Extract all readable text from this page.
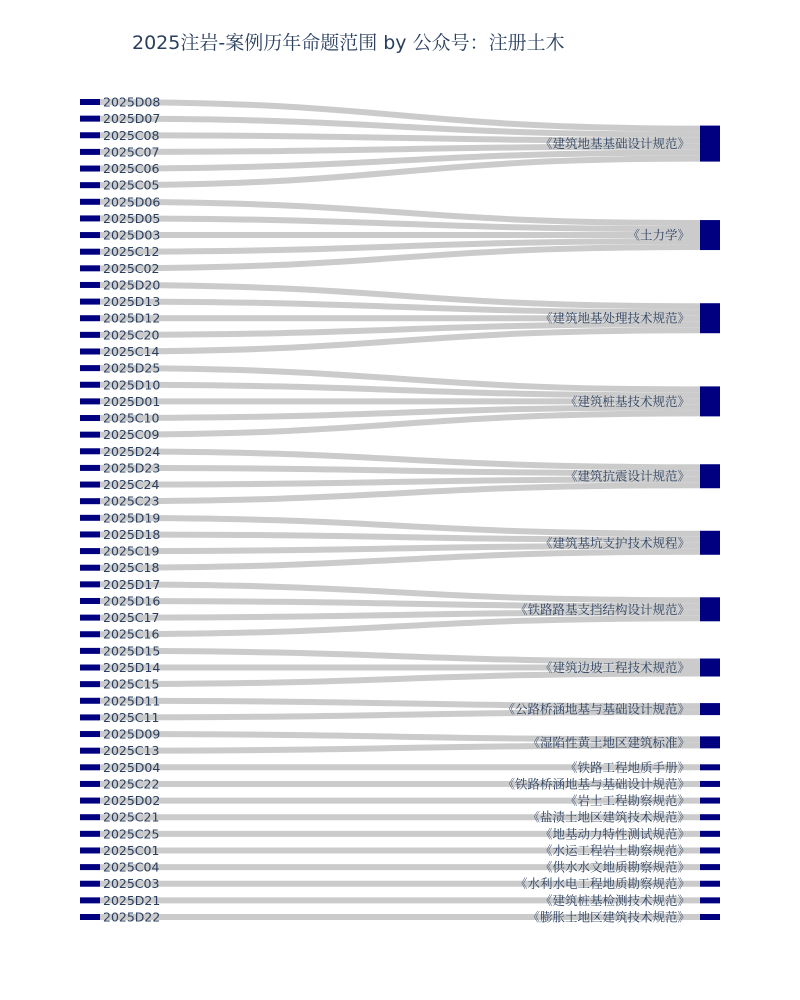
2025注岩-案例历年命题范围 by 公众号：注册土木
《建筑地基基础设计规范》
《土力学》
《建筑地基处理技术规范》
《建筑桩基技术规范》
《建筑抗震设计规范》
《建筑基坑支护技术规程》
《铁路路基支挡结构设计规范》
《建筑边坡工程技术规范》
《公路桥涵地基与基础设计规范》
《湿陷性黄土地区建筑标准》
《铁路工程地质手册》
《铁路桥涵地基与基础设计规范》
《岩土工程勘察规范》
《盐渍土地区建筑技术规范》
《地基动力特性测试规范》
《水运工程岩土勘察规范》
《供水水文地质勘察规范》
《水利水电工程地质勘察规范》
《建筑桩基检测技术规范》
《膨胀土地区建筑技术规范》
2025D08
2025D07
2025C08
2025C07
2025C06
2025C05
2025D06
2025D05
2025D03
2025C12
2025C02
2025D20
2025D13
2025D12
2025C20
2025C14
2025D25
2025D10
2025D01
2025C10
2025C09
2025D24
2025D23
2025C24
2025C23
2025D19
2025D18
2025C19
2025C18
2025D17
2025D16
2025C17
2025C16
2025D15
2025D14
2025C15
2025D11
2025C11
2025D09
2025C13
2025D04
2025C22
2025D02
2025C21
2025C25
2025C01
2025C04
2025C03
2025D21
2025D22
